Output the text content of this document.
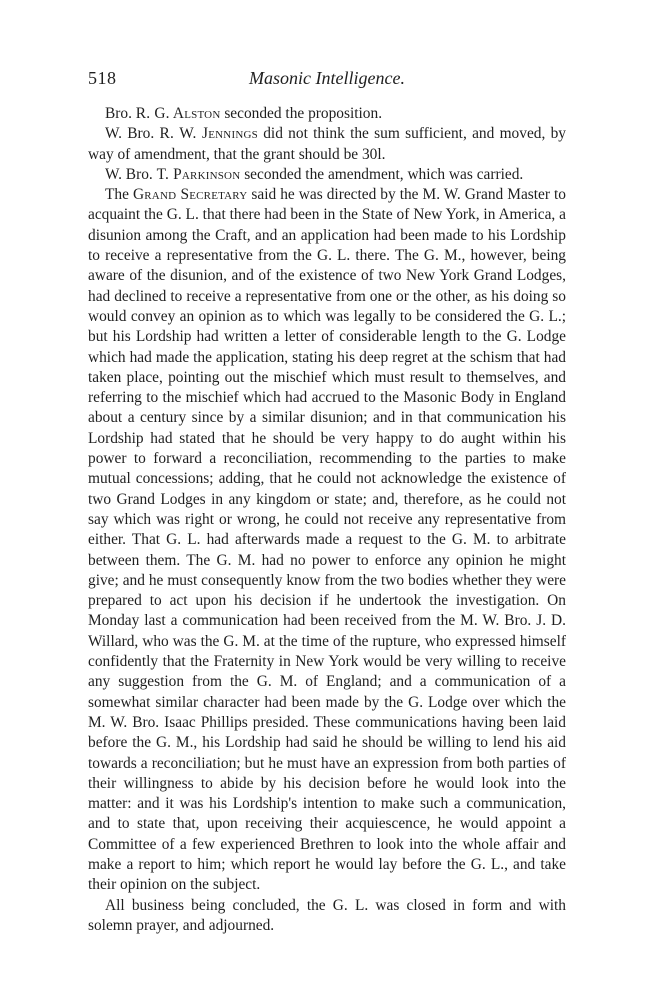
518	Masonic Intelligence.

Bro. R. G. Alston seconded the proposition.

W. Bro. R. W. Jennings did not think the sum sufficient, and moved, by way of amendment, that the grant should be 30l.

W. Bro. T. Parkinson seconded the amendment, which was carried.

The Grand Secretary said he was directed by the M. W. Grand Master to acquaint the G. L. that there had been in the State of New York, in America, a disunion among the Craft, and an application had been made to his Lordship to receive a representative from the G. L. there. The G. M., however, being aware of the disunion, and of the existence of two New York Grand Lodges, had declined to receive a representative from one or the other, as his doing so would convey an opinion as to which was legally to be considered the G. L.; but his Lordship had written a letter of considerable length to the G. Lodge which had made the application, stating his deep regret at the schism that had taken place, pointing out the mischief which must result to themselves, and referring to the mischief which had accrued to the Masonic Body in England about a century since by a similar disunion; and in that communication his Lordship had stated that he should be very happy to do aught within his power to forward a reconciliation, recommending to the parties to make mutual concessions; adding, that he could not acknowledge the existence of two Grand Lodges in any kingdom or state; and, therefore, as he could not say which was right or wrong, he could not receive any representative from either. That G. L. had afterwards made a request to the G. M. to arbitrate between them. The G. M. had no power to enforce any opinion he might give; and he must consequently know from the two bodies whether they were prepared to act upon his decision if he undertook the investigation. On Monday last a communication had been received from the M. W. Bro. J. D. Willard, who was the G. M. at the time of the rupture, who expressed himself confidently that the Fraternity in New York would be very willing to receive any suggestion from the G. M. of England; and a communication of a somewhat similar character had been made by the G. Lodge over which the M. W. Bro. Isaac Phillips presided. These communications having been laid before the G. M., his Lordship had said he should be willing to lend his aid towards a reconciliation; but he must have an expression from both parties of their willingness to abide by his decision before he would look into the matter: and it was his Lordship's intention to make such a communication, and to state that, upon receiving their acquiescence, he would appoint a Committee of a few experienced Brethren to look into the whole affair and make a report to him; which report he would lay before the G. L., and take their opinion on the subject.

All business being concluded, the G. L. was closed in form and with solemn prayer, and adjourned.
